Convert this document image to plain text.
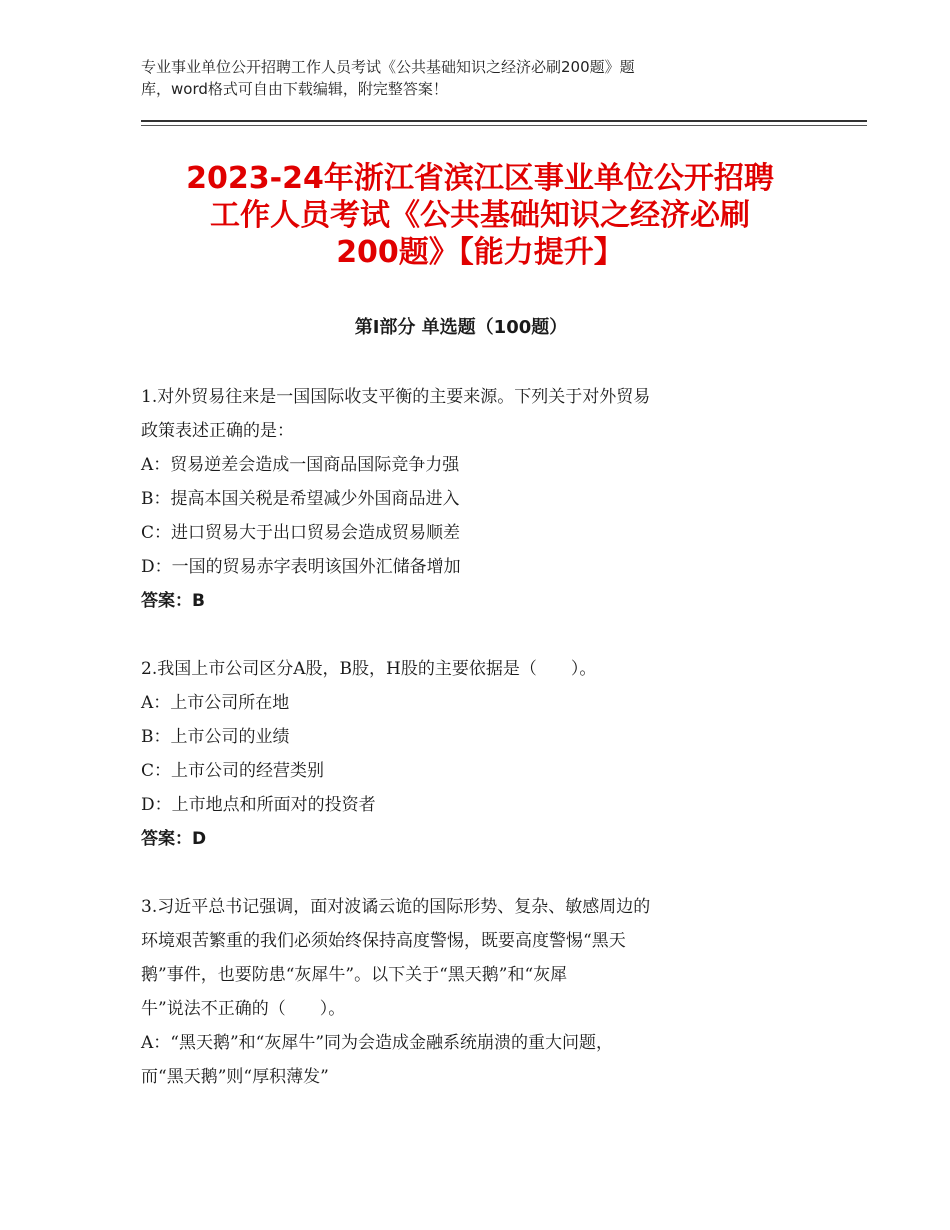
专业事业单位公开招聘工作人员考试《公共基础知识之经济必刷200题》题
库，word格式可自由下载编辑，附完整答案！
2023-24年浙江省滨江区事业单位公开招聘
工作人员考试《公共基础知识之经济必刷
200题》【能力提升】
第Ⅰ部分 单选题（100题）

1.对外贸易往来是一国国际收支平衡的主要来源。下列关于对外贸易

政策表述正确的是：

A：贸易逆差会造成一国商品国际竞争力强

B：提高本国关税是希望减少外国商品进入

C：进口贸易大于出口贸易会造成贸易顺差

D：一国的贸易赤字表明该国外汇储备增加

答案：B

2.我国上市公司区分A股，B股，H股的主要依据是（　　）。

A：上市公司所在地

B：上市公司的业绩

C：上市公司的经营类别

D：上市地点和所面对的投资者

答案：D

3.习近平总书记强调，面对波谲云诡的国际形势、复杂、敏感周边的

环境艰苦繁重的我们必须始终保持高度警惕，既要高度警惕“黑天

鹅”事件，也要防患“灰犀牛”。以下关于“黑天鹅”和“灰犀

牛”说法不正确的（　　）。

A：“黑天鹅”和“灰犀牛”同为会造成金融系统崩溃的重大问题，

而“黑天鹅”则“厚积薄发”
